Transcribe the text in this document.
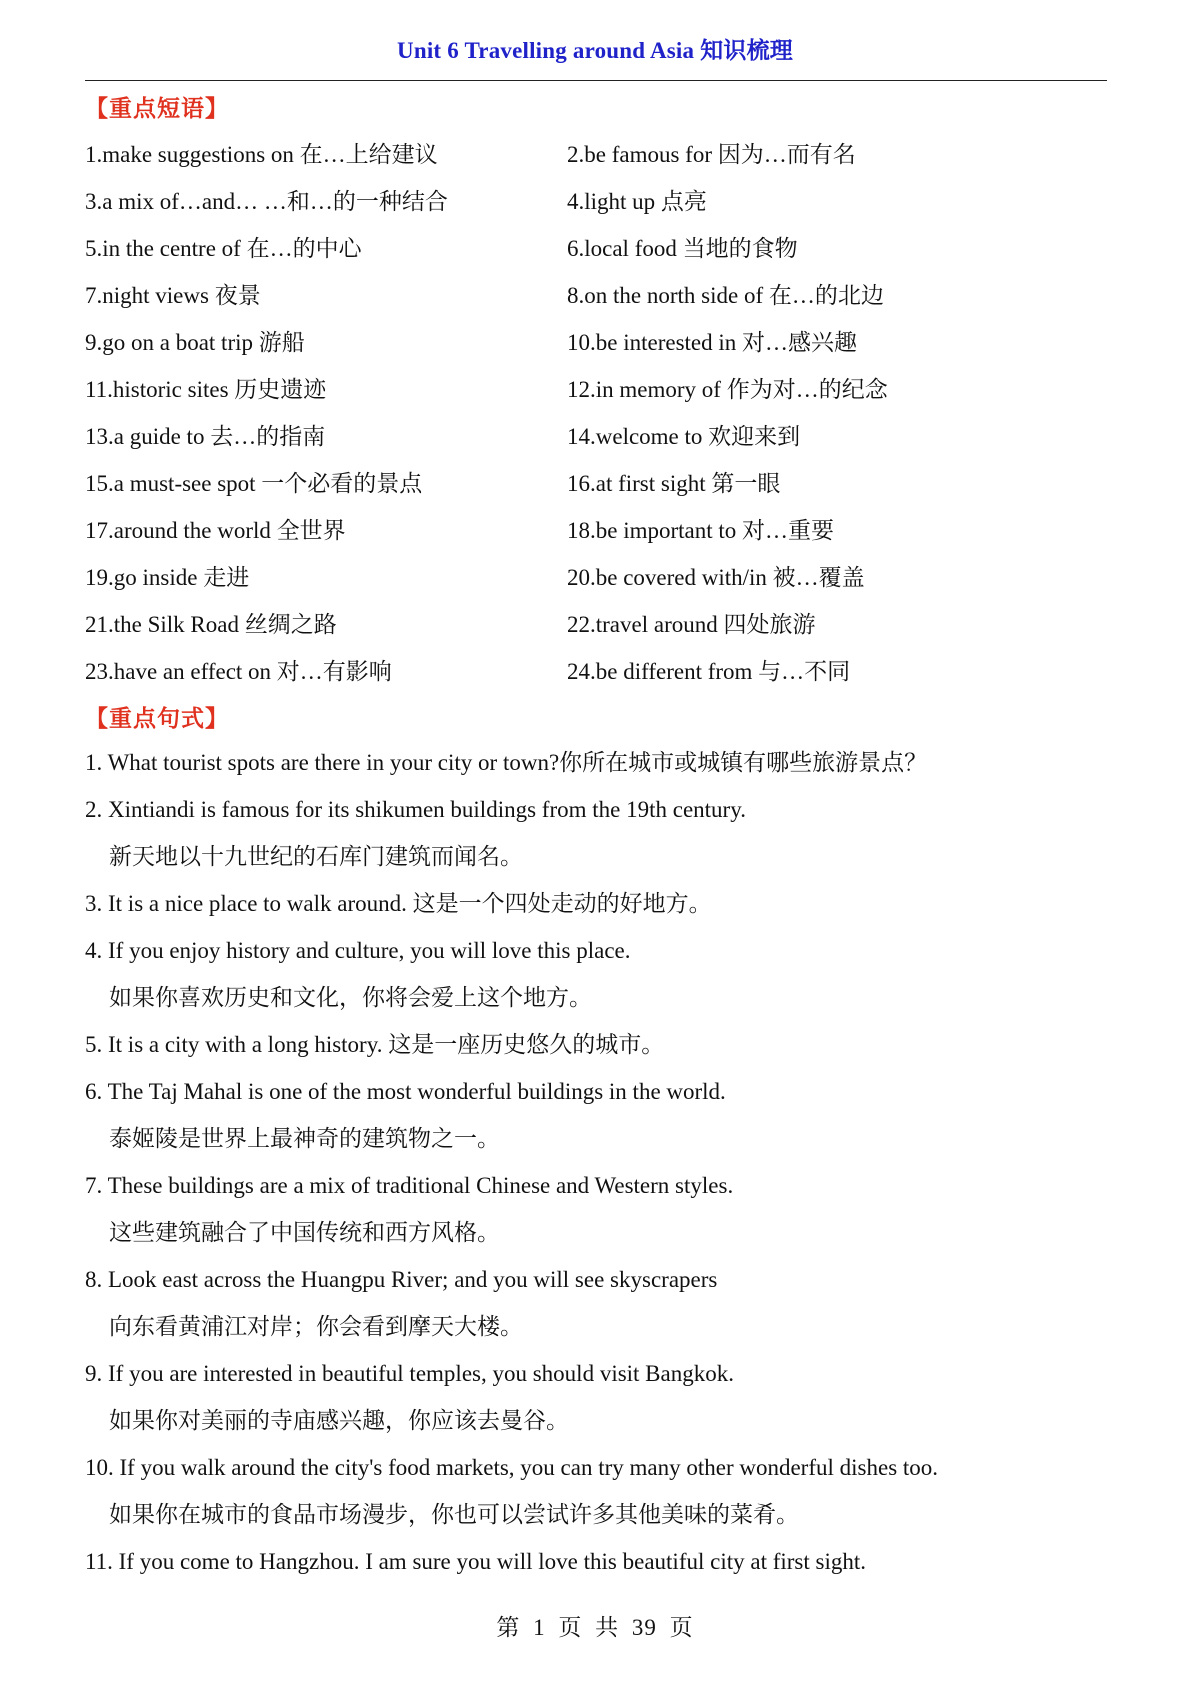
Unit 6 Travelling around Asia 知识梳理
【重点短语】
1.make suggestions on 在…上给建议	2.be famous for 因为…而有名
3.a mix of…and… …和…的一种结合	4.light up 点亮
5.in the centre of 在…的中心	6.local food 当地的食物
7.night views 夜景	8.on the north side of 在…的北边
9.go on a boat trip 游船	10.be interested in 对…感兴趣
11.historic sites 历史遗迹	12.in memory of 作为对…的纪念
13.a guide to 去…的指南	14.welcome to 欢迎来到
15.a must-see spot 一个必看的景点	16.at first sight 第一眼
17.around the world 全世界	18.be important to 对…重要
19.go inside 走进	20.be covered with/in 被…覆盖
21.the Silk Road 丝绸之路	22.travel around 四处旅游
23.have an effect on 对…有影响	24.be different from 与…不同
【重点句式】
1. What tourist spots are there in your city or town?你所在城市或城镇有哪些旅游景点？
2. Xintiandi is famous for its shikumen buildings from the 19th century.
新天地以十九世纪的石库门建筑而闻名。
3. It is a nice place to walk around. 这是一个四处走动的好地方。
4. If you enjoy history and culture, you will love this place.
如果你喜欢历史和文化，你将会爱上这个地方。
5. It is a city with a long history. 这是一座历史悠久的城市。
6. The Taj Mahal is one of the most wonderful buildings in the world.
泰姬陵是世界上最神奇的建筑物之一。
7. These buildings are a mix of traditional Chinese and Western styles.
这些建筑融合了中国传统和西方风格。
8. Look east across the Huangpu River; and you will see skyscrapers
向东看黄浦江对岸；你会看到摩天大楼。
9. If you are interested in beautiful temples, you should visit Bangkok.
如果你对美丽的寺庙感兴趣，你应该去曼谷。
10. If you walk around the city's food markets, you can try many other wonderful dishes too.
如果你在城市的食品市场漫步，你也可以尝试许多其他美味的菜肴。
11. If you come to Hangzhou. I am sure you will love this beautiful city at first sight.
第 1 页 共 39 页
